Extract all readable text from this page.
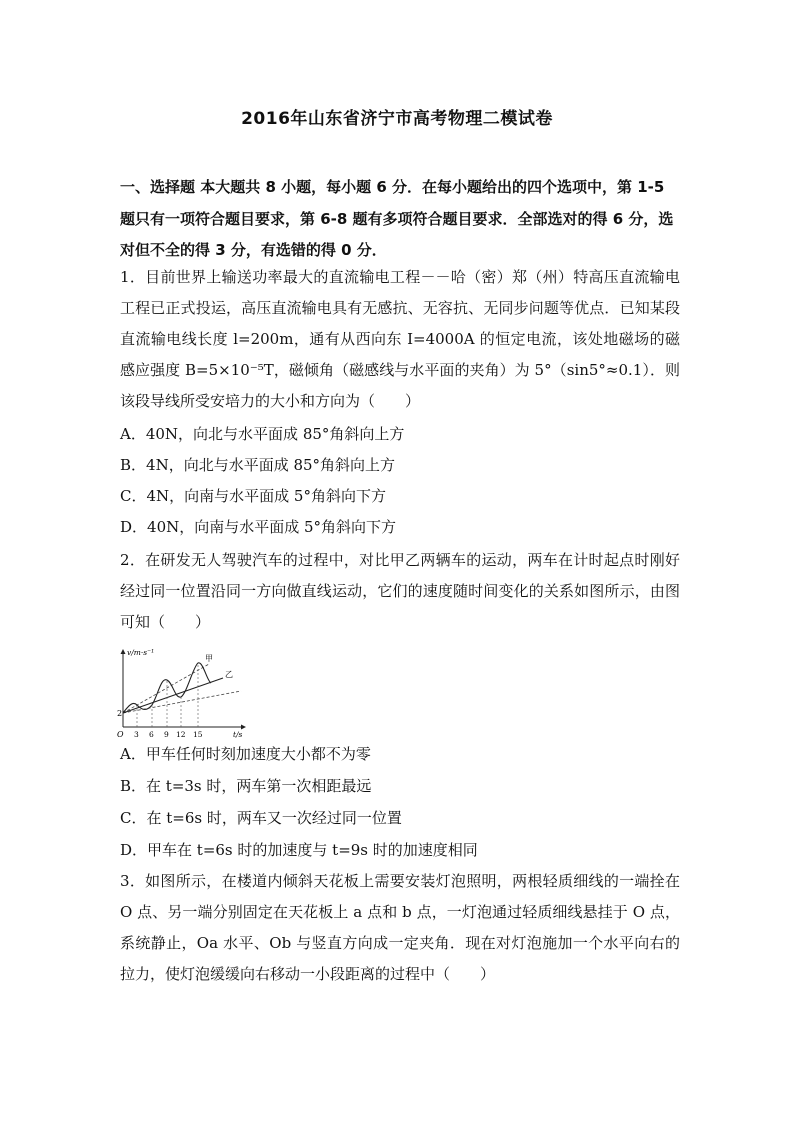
2016年山东省济宁市高考物理二模试卷
一、选择题 本大题共 8 小题，每小题 6 分．在每小题给出的四个选项中，第 1-5 题只有一项符合题目要求，第 6-8 题有多项符合题目要求．全部选对的得 6 分，选对但不全的得 3 分，有选错的得 0 分．
1．目前世界上输送功率最大的直流输电工程－－哈（密）郑（州）特高压直流输电工程已正式投运，高压直流输电具有无感抗、无容抗、无同步问题等优点．已知某段直流输电线长度 l=200m，通有从西向东 I=4000A 的恒定电流，该处地磁场的磁感应强度 B=5×10⁻⁵T，磁倾角（磁感线与水平面的夹角）为 5°（sin5°≈0.1）．则该段导线所受安培力的大小和方向为（　　）
A．40N，向北与水平面成 85°角斜向上方
B．4N，向北与水平面成 85°角斜向上方
C．4N，向南与水平面成 5°角斜向下方
D．40N，向南与水平面成 5°角斜向下方
2．在研发无人驾驶汽车的过程中，对比甲乙两辆车的运动，两车在计时起点时刚好经过同一位置沿同一方向做直线运动，它们的速度随时间变化的关系如图所示，由图可知（　　）
v/m·s⁻¹
t/s
O
2
3 6 9 12 15
甲
乙
A．甲车任何时刻加速度大小都不为零
B．在 t=3s 时，两车第一次相距最远
C．在 t=6s 时，两车又一次经过同一位置
D．甲车在 t=6s 时的加速度与 t=9s 时的加速度相同
3．如图所示，在楼道内倾斜天花板上需要安装灯泡照明，两根轻质细线的一端拴在 O 点、另一端分别固定在天花板上 a 点和 b 点，一灯泡通过轻质细线悬挂于 O 点，系统静止，Oa 水平、Ob 与竖直方向成一定夹角．现在对灯泡施加一个水平向右的拉力，使灯泡缓缓向右移动一小段距离的过程中（　　）
